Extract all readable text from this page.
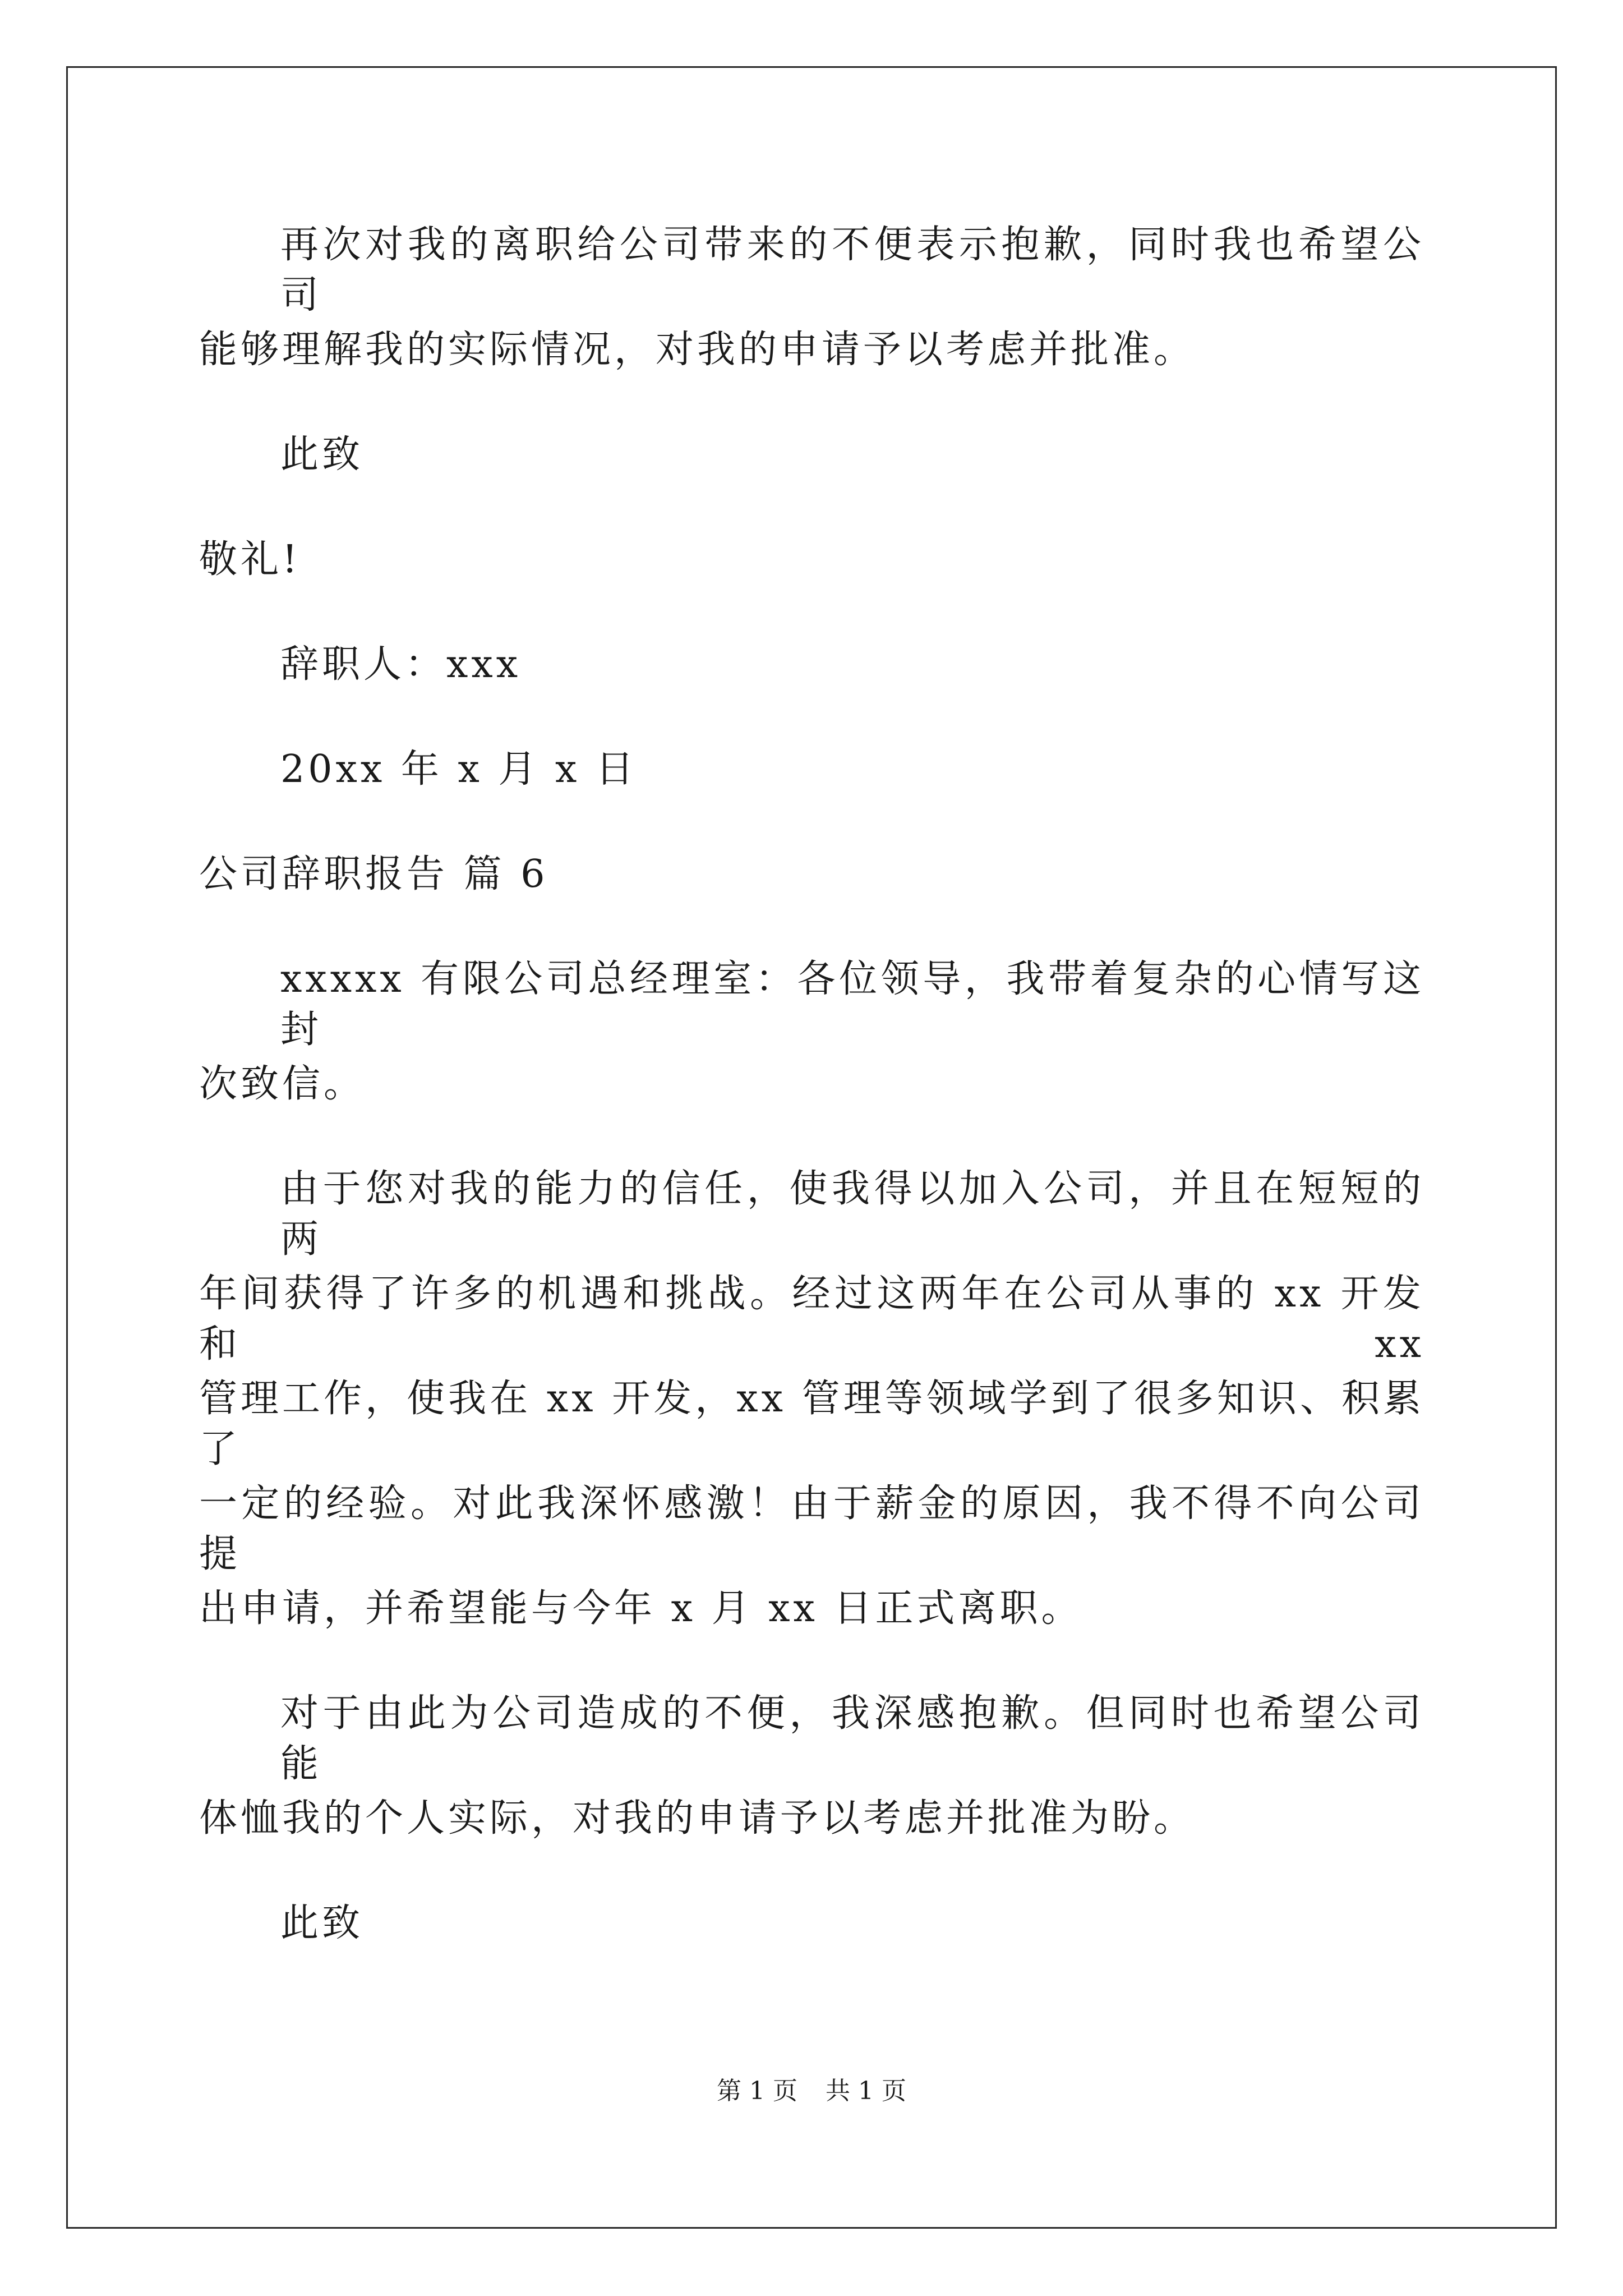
再次对我的离职给公司带来的不便表示抱歉，同时我也希望公司
能够理解我的实际情况，对我的申请予以考虑并批准。
此致
敬礼!
辞职人：xxx
20xx 年 x 月 x 日
公司辞职报告 篇 6
xxxxx 有限公司总经理室：各位领导，我带着复杂的心情写这封
次致信。
由于您对我的能力的信任，使我得以加入公司，并且在短短的两
年间获得了许多的机遇和挑战。经过这两年在公司从事的 xx 开发和 xx
管理工作，使我在 xx 开发，xx 管理等领域学到了很多知识、积累了
一定的经验。对此我深怀感激！由于薪金的原因，我不得不向公司提
出申请，并希望能与今年 x 月 xx 日正式离职。
对于由此为公司造成的不便，我深感抱歉。但同时也希望公司能
体恤我的个人实际，对我的申请予以考虑并批准为盼。
此致
第 1 页 共 1 页
